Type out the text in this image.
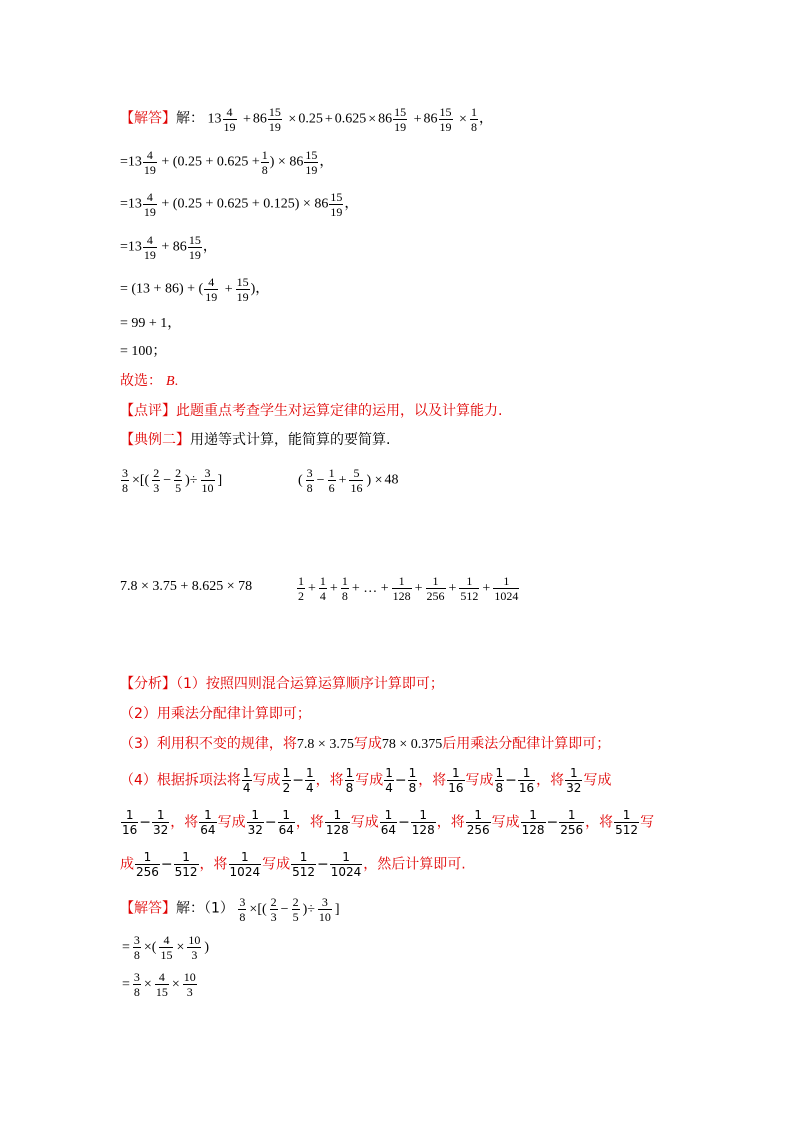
【解答】解： $13 \frac{4}{19} + 86 \frac{15}{19} \times 0.25 + 0.625 \times 86 \frac{15}{19} + 86 \frac{15}{19} \times \frac{1}{8}$ ，
$=13 \frac{4}{19} + (0.25 + 0.625 + \frac{1}{8}$ ) × $86 \frac{15}{19}$ ，
$=13 \frac{4}{19} + (0.25 + 0.625 + 0.125) \times 86 \frac{15}{19}$ ，
$=13 \frac{4}{19} + 86 \frac{15}{19}$ ，
= (13 + 86) + ( $\frac{4}{19} + \frac{15}{19}$ )，
= 99 + 1，
= 100；
故选： B.
【点评】此题重点考查学生对运算定律的运用，以及计算能力.
【典例二】用递等式计算，能简算的要简算.
$\frac{3}{8}$ ×[( $\frac{2}{3} - \frac{2}{5}$ )÷ $\frac{3}{10}$ ]	( $\frac{3}{8} - \frac{1}{6} + \frac{5}{16}$ ) × 48
7.8 × 3.75 + 8.625 × 78	$\frac{1}{2} + \frac{1}{4} + \frac{1}{8}$ + … + $\frac{1}{128} + \frac{1}{256} + \frac{1}{512} + \frac{1}{1024}$
【分析】（1）按照四则混合运算运算顺序计算即可；
（2）用乘法分配律计算即可；
（3）利用积不变的规律，将7.8 × 3.75写成78 × 0.375后用乘法分配律计算即可；
（4）根据拆项法将 $\frac{1}{4}$ 写成 $\frac{1}{2} - \frac{1}{4}$ ，将 $\frac{1}{8}$ 写成 $\frac{1}{4} - \frac{1}{8}$ ，将 $\frac{1}{16}$ 写成 $\frac{1}{8} - \frac{1}{16}$ ，将 $\frac{1}{32}$ 写成
$\frac{1}{16} - \frac{1}{32}$ ，将 $\frac{1}{64}$ 写成 $\frac{1}{32} - \frac{1}{64}$ ，将 $\frac{1}{128}$ 写成 $\frac{1}{64} - \frac{1}{128}$ ，将 $\frac{1}{256}$ 写成 $\frac{1}{128} - \frac{1}{256}$ ，将 $\frac{1}{512}$ 写
成 $\frac{1}{256} - \frac{1}{512}$ ，将 $\frac{1}{1024}$ 写成 $\frac{1}{512} - \frac{1}{1024}$ ，然后计算即可.
【解答】解：$(1) \frac{3}{8}$ ×[( $\frac{2}{3} - \frac{2}{5}$ )÷ $\frac{3}{10}$ ]
= $\frac{3}{8}$ ×( $\frac{4}{15} \times \frac{10}{3}$ )
= $\frac{3}{8} \times \frac{4}{15} \times \frac{10}{3}$
